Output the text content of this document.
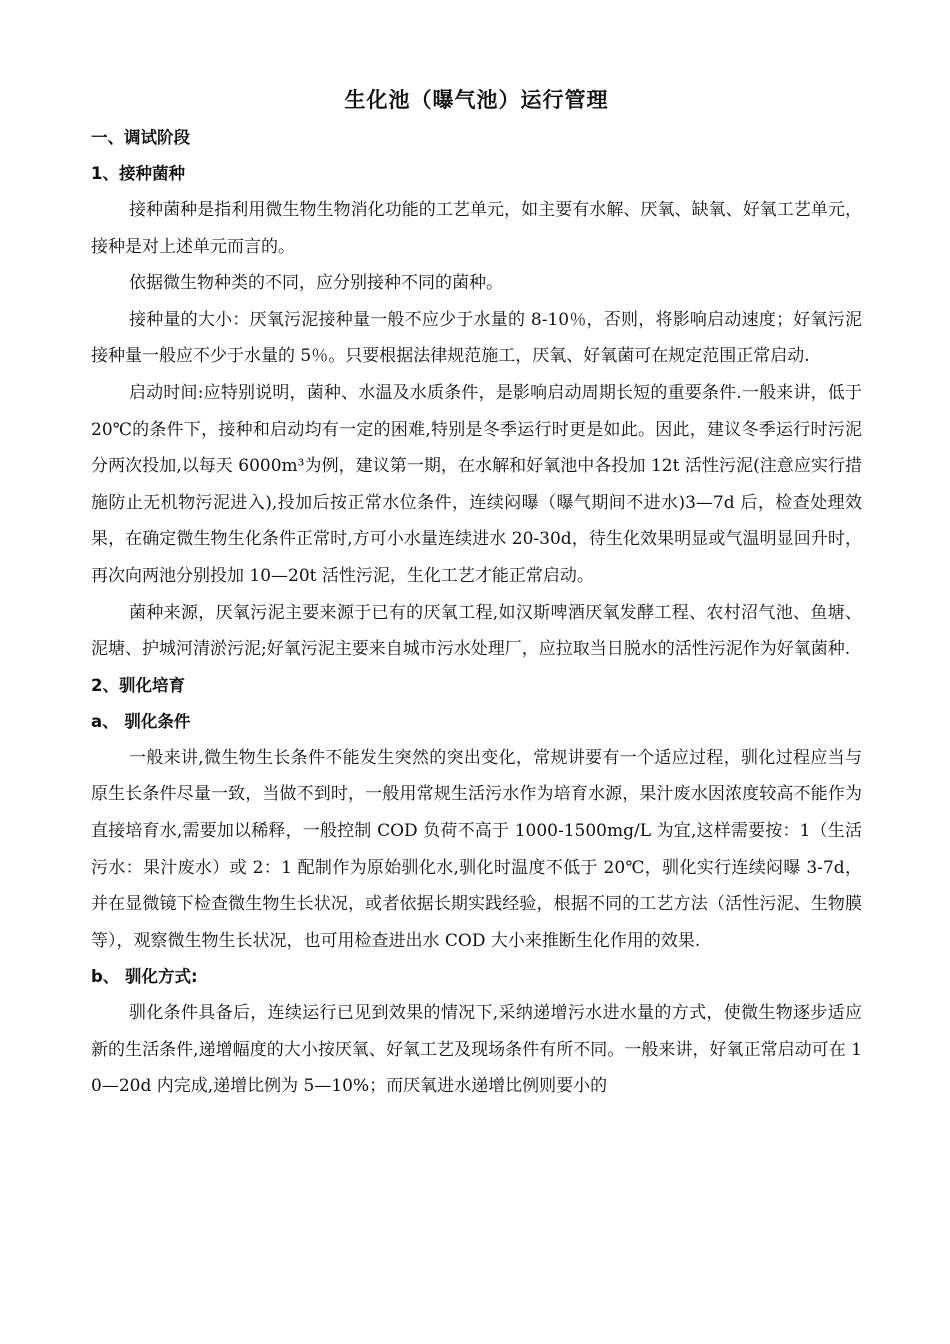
生化池（曝气池）运行管理
一、调试阶段
1、接种菌种

接种菌种是指利用微生物生物消化功能的工艺单元，如主要有水解、厌氧、缺氧、好氧工艺单元，接种是对上述单元而言的。

依据微生物种类的不同，应分别接种不同的菌种。

接种量的大小：厌氧污泥接种量一般不应少于水量的 8-10％，否则，将影响启动速度；好氧污泥接种量一般应不少于水量的 5％。只要根据法律规范施工，厌氧、好氧菌可在规定范围正常启动.

启动时间:应特别说明，菌种、水温及水质条件，是影响启动周期长短的重要条件.一般来讲，低于 20℃的条件下，接种和启动均有一定的困难,特别是冬季运行时更是如此。因此，建议冬季运行时污泥分两次投加,以每天 6000m³为例，建议第一期，在水解和好氧池中各投加 12t 活性污泥(注意应实行措施防止无机物污泥进入),投加后按正常水位条件，连续闷曝（曝气期间不进水)3—7d 后，检查处理效果，在确定微生物生化条件正常时,方可小水量连续进水 20-30d，待生化效果明显或气温明显回升时，再次向两池分别投加 10—20t 活性污泥，生化工艺才能正常启动。

菌种来源，厌氧污泥主要来源于已有的厌氧工程,如汉斯啤酒厌氧发酵工程、农村沼气池、鱼塘、泥塘、护城河清淤污泥;好氧污泥主要来自城市污水处理厂，应拉取当日脱水的活性污泥作为好氧菌种.

2、驯化培育
a、 驯化条件

一般来讲,微生物生长条件不能发生突然的突出变化，常规讲要有一个适应过程，驯化过程应当与原生长条件尽量一致，当做不到时，一般用常规生活污水作为培育水源，果汁废水因浓度较高不能作为直接培育水,需要加以稀释，一般控制 COD 负荷不高于 1000-1500mg/L 为宜,这样需要按：1（生活污水：果汁废水）或 2：1 配制作为原始驯化水,驯化时温度不低于 20℃，驯化实行连续闷曝 3-7d，并在显微镜下检查微生物生长状况，或者依据长期实践经验，根据不同的工艺方法（活性污泥、生物膜等），观察微生物生长状况，也可用检查进出水 COD 大小来推断生化作用的效果.

b、 驯化方式:

驯化条件具备后，连续运行已见到效果的情况下,采纳递增污水进水量的方式，使微生物逐步适应新的生活条件,递增幅度的大小按厌氧、好氧工艺及现场条件有所不同。一般来讲，好氧正常启动可在 10—20d 内完成,递增比例为 5—10%；而厌氧进水递增比例则要小的
